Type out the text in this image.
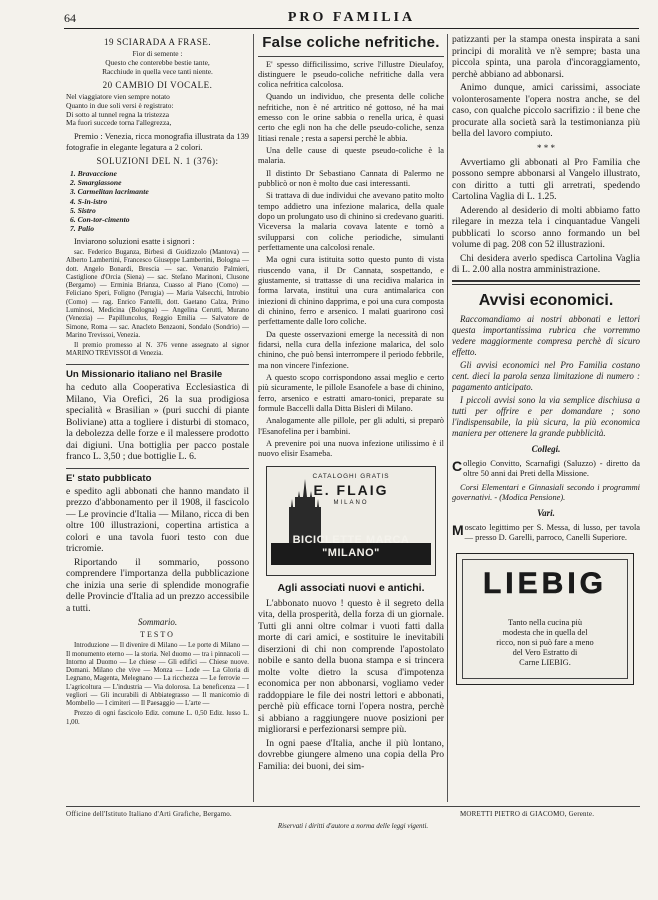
64	PRO FAMILIA
19 SCIARADA A FRASE.
Fior di semente :
Questo che conterebbe bestie tante,
Racchiude in quella vece tanti niente.
20 CAMBIO DI VOCALE.
Nel viaggiatore vien sempre notato
Quanto in due soli versi è registrato:
Di sotto al tunnel regna la tristezza
Ma fuori succede torna l'allegrezza,

Premio : Venezia, ricca monografia illustrata da 139 fotografie in elegante legatura a 2 colori.

SOLUZIONI DEL N. 1 (376):
1. Bravaccione
2. Smargiassone
3. Carmelitan lacrimante
4. S-in-istro
5. Sistro
6. Con-tor-cimento
7. Palio

Inviarono soluzioni esatte i signori :

sac. Federico Buganza, Birbesi di Guidizzolo (Mantova) — Alberto Lambertini, Francesco Giuseppe Lambertini, Bologna — dott. Angelo Bonardi, Brescia — sac. Venanzio Palmieri, Castiglione d'Orcia (Siena) — sac. Stefano Marinoni, Clusone (Bergamo) — Erminia Brianza, Cuasso al Piano (Como) — Feliciano Speri, Foligno (Perugia) — Maria Valsecchi, Introbio (Como) — rag. Enrico Fantelli, dott. Gaetano Calza, Primo Luminosi, Medicina (Bologna) — Angelina Cerutti, Murano (Venezia) — Papilluncolus, Reggio Emilia — Salvatore de Simone, Roma — sac. Anacleto Benzaoni, Sondalo (Sondrio) — Marino Trevissoi, Venezia.

Il premio promesso al N. 376 venne assegnato al signor MARINO TREVISSOI di Venezia.

Un Missionario italiano nel Brasile

ha ceduto alla Cooperativa Ecclesiastica di Milano, Via Orefici, 26 la sua prodigiosa specialità « Brasilian » (puri succhi di piante Boliviane) atta a togliere i disturbi di stomaco, la debolezza delle forze e il malessere prodotto dai digiuni. Una bottiglia per pacco postale franco L. 3,50 ; due bottiglie L. 6.

E' stato pubblicato

e spedito agli abbonati che hanno mandato il prezzo d'abbonamento per il 1908, il fascicolo — Le provincie d'Italia — Milano, ricca di ben oltre 100 illustrazioni, copertina artistica a colori e una tavola fuori testo con due tricromie.

Riportando il sommario, possono comprendere l'importanza della pubblicazione che inizia una serie di splendide monografie delle Provincie d'Italia ad un prezzo accessibile a tutti.

Sommario.
TESTO

Introduzione — Il divenire di Milano — Le porte di Milano — Il monumento eterno — la storia. Nel duomo — tra i pinnacoli — Intorno al Duomo — Le chiese — Gli edifici — Chiese nuove. Domani. Milano che vive — Monza — Lode — La Gloria di Legnano, Magenta, Melegnano — La ricchezza — Le ferrovie — L'agricoltura — L'industria — Via dolorosa. La beneficenza — I vegliori — Gli incurabili di Abbiategrasso — Il manicomio di Mombello — I cimiteri — Il Paesaggio — L'arte —

Prezzo di ogni fascicolo Ediz. comune L. 0,50 Ediz. lusso L. 1,00.

False coliche nefritiche.

E' spesso difficilissimo, scrive l'illustre Dieulafoy, distinguere le pseudo-coliche nefritiche dalla vera colica nefritica calcolosa.

Quando un individuo, che presenta delle coliche nefritiche, non è né artritico né gottoso, né ha mai emesso con le orine sabbia o renella urica, è quasi certo che egli non ha che delle pseudo-coliche, senza litiasi renale ; resta a sapersi perchè le abbia.

Una delle cause di queste pseudo-coliche è la malaria.

Il distinto Dr Sebastiano Cannata di Palermo ne pubblicò or non è molto due casi interessanti.

Si trattava di due individui che avevano patito molto tempo addietro una infezione malarica, della quale dopo un prolungato uso di chinino si credevano guariti. Viceversa la malaria covava latente e tornò a svilupparsi con coliche periodiche, simulanti perfettamente una calcolosi renale.

Ma ogni cura istituita sotto questo punto di vista riuscendo vana, il Dr Cannata, sospettando, e giustamente, si trattasse di una recidiva malarica in forma larvata, instituì una cura antimalarica con iniezioni di chinino dapprima, e poi una cura composta di chinino, ferro e arsenico. I malati guarirono così perfettamente dalle loro coliche.

Da queste osservazioni emerge la necessità di non fidarsi, nella cura della infezione malarica, del solo chinino, che può bensì interrompere il periodo febbrile, ma non vincere l'infezione.

A questo scopo corrispondono assai meglio e certo più sicuramente, le pillole Esanofele a base di chinino, ferro, arsenico e estratti amaro-tonici, preparate su formule Baccelli dalla Ditta Bisleri di Milano.

Analogamente alle pillole, per gli adulti, si preparò l'Esanofelina per i bambini.

A prevenire poi una nuova infezione utilissimo è il nuovo elisir Esameba.

CATALOGHI GRATIS
E. FLAIG
MILANO
BICICLETTE MARCA "MILANO"
Agli associati nuovi e antichi.

L'abbonato nuovo ! questo è il segreto della vita, della prosperità, della forza di un giornale. Tutti gli anni oltre colmar i vuoti fatti dalla morte di cari amici, e sostituire le inevitabili diserzioni di chi non comprende l'apostolato nobile e santo della buona stampa e si trincera molte volte dietro la scusa d'impotenza economica per non abbonarsi, vogliamo veder raddoppiare le file dei nostri lettori e abbonati, perchè più efficace torni l'opera nostra, perchè si abbiano a raggiungere nuove posizioni per migliorarsi e perfezionarsi sempre più.

In ogni paese d'Italia, anche il più lontano, dovrebbe giungere almeno una copia della Pro Familia: dei buoni, dei sim-

patizzanti per la stampa onesta inspirata a sani principi di moralità ve n'è sempre; basta una piccola spinta, una parola d'incoraggiamento, perchè abbiano ad abbonarsi.

Animo dunque, amici carissimi, associate volonterosamente l'opera nostra anche, se del caso, con qualche piccolo sacrifizio : il bene che procurate alla società sarà la testimonianza più bella del lavoro compiuto.

* * *

Avvertiamo gli abbonati al Pro Familia che possono sempre abbonarsi al Vangelo illustrato, con diritto a tutti gli arretrati, spedendo Cartolina Vaglia di L. 1.25.

Aderendo al desiderio di molti abbiamo fatto rilegare in mezza tela i cinquantadue Vangeli pubblicati lo scorso anno formando un bel volume di pag. 208 con 52 illustrazioni.

Chi desidera averlo spedisca Cartolina Vaglia di L. 2.00 alla nostra amministrazione.

Avvisi economici.

Raccomandiamo ai nostri abbonati e lettori questa importantissima rubrica che vorremmo vedere maggiormente compresa perchè di sicuro effetto.

Gli avvisi economici nel Pro Familia costano cent. dieci la parola senza limitazione di numero : pagamento anticipato.

I piccoli avvisi sono la via semplice dischiusa a tutti per offrire e per domandare ; sono l'indispensabile, la più sicura, la più economica maniera per ottenere la grande pubblicità.

Collegi.
C ollegio Convitto, Scarnafigi (Saluzzo) - diretto da oltre 50 anni dai Preti della Missione.

Corsi Elementari e Ginnasiali secondo i programmi governativi. - (Modica Pensione).

Vari.
M oscato legittimo per S. Messa, di lusso, per tavola — presso D. Garelli, parroco, Canelli Superiore.
LIEBIG
Tanto nella cucina più
modesta che in quella del
ricco, non si può fare a meno
del Vero Estratto di
Carne LIEBIG.
Officine dell'Istituto Italiano d'Arti Grafiche, Bergamo.	MORETTI PIETRO di GIACOMO, Gerente.
Riservati i diritti d'autore a norma delle leggi vigenti.
